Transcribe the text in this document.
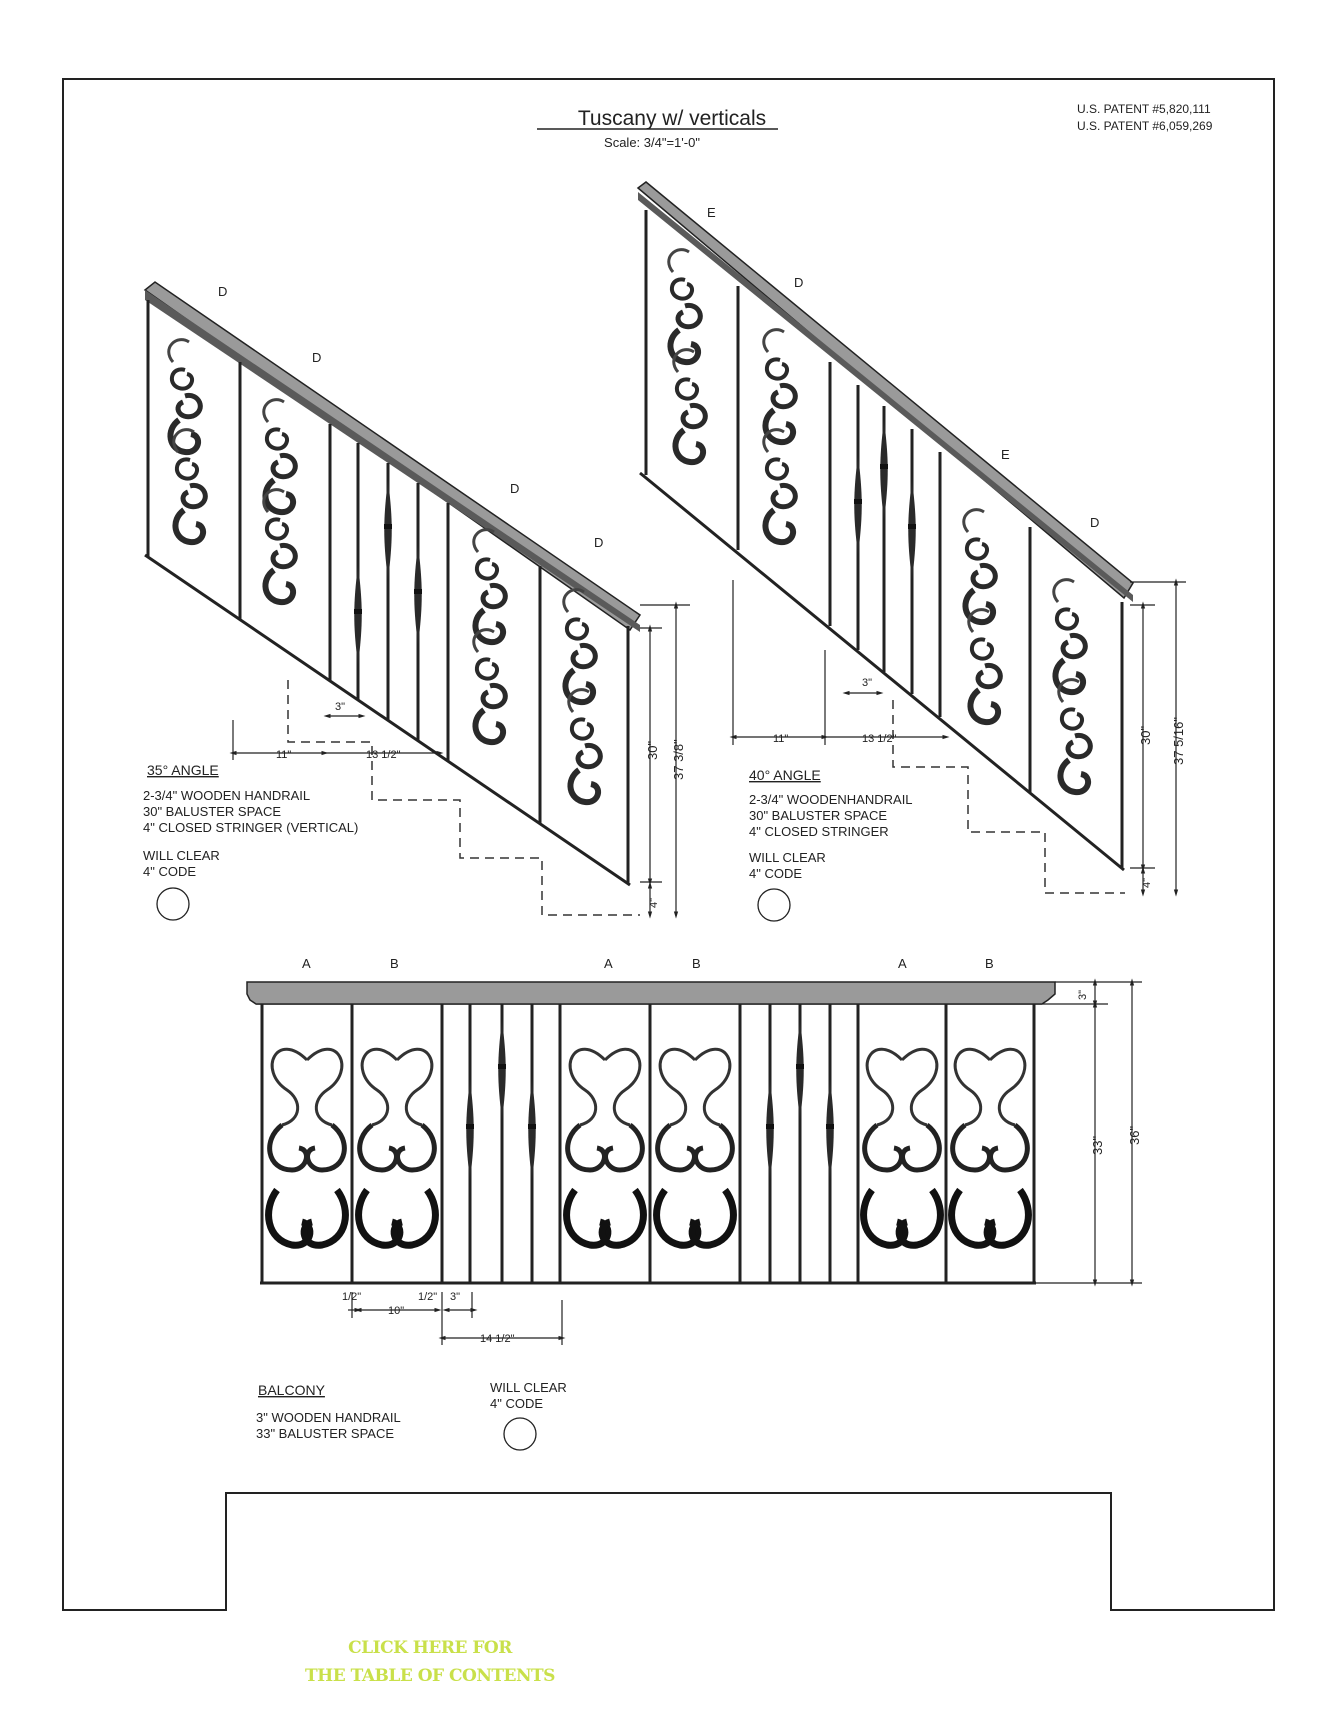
Tuscany w/ verticals
Scale: 3/4"=1'-0"
U.S. PATENT #5,820,111
U.S. PATENT #6,059,269
D
D
D
D
3"
11"	13 1/2"	30" 37 3/8"
4"
35° ANGLE
2-3/4" WOODEN HANDRAIL
30" BALUSTER SPACE
4" CLOSED STRINGER (VERTICAL)
WILL CLEAR
4" CODE
E
D
E
D
3"
11"	13 1/2"	30" 37 5/16"
4"
40° ANGLE
2-3/4" WOODENHANDRAIL
30" BALUSTER SPACE
4" CLOSED STRINGER
WILL CLEAR
4" CODE
A	B	A	B	A	B
3"
33"
36"
1/2"
10"
1/2" 3"
14 1/2"
BALCONY
3" WOODEN HANDRAIL
33" BALUSTER SPACE
WILL CLEAR
4" CODE
CLICK HERE FOR
THE TABLE OF CONTENTS
